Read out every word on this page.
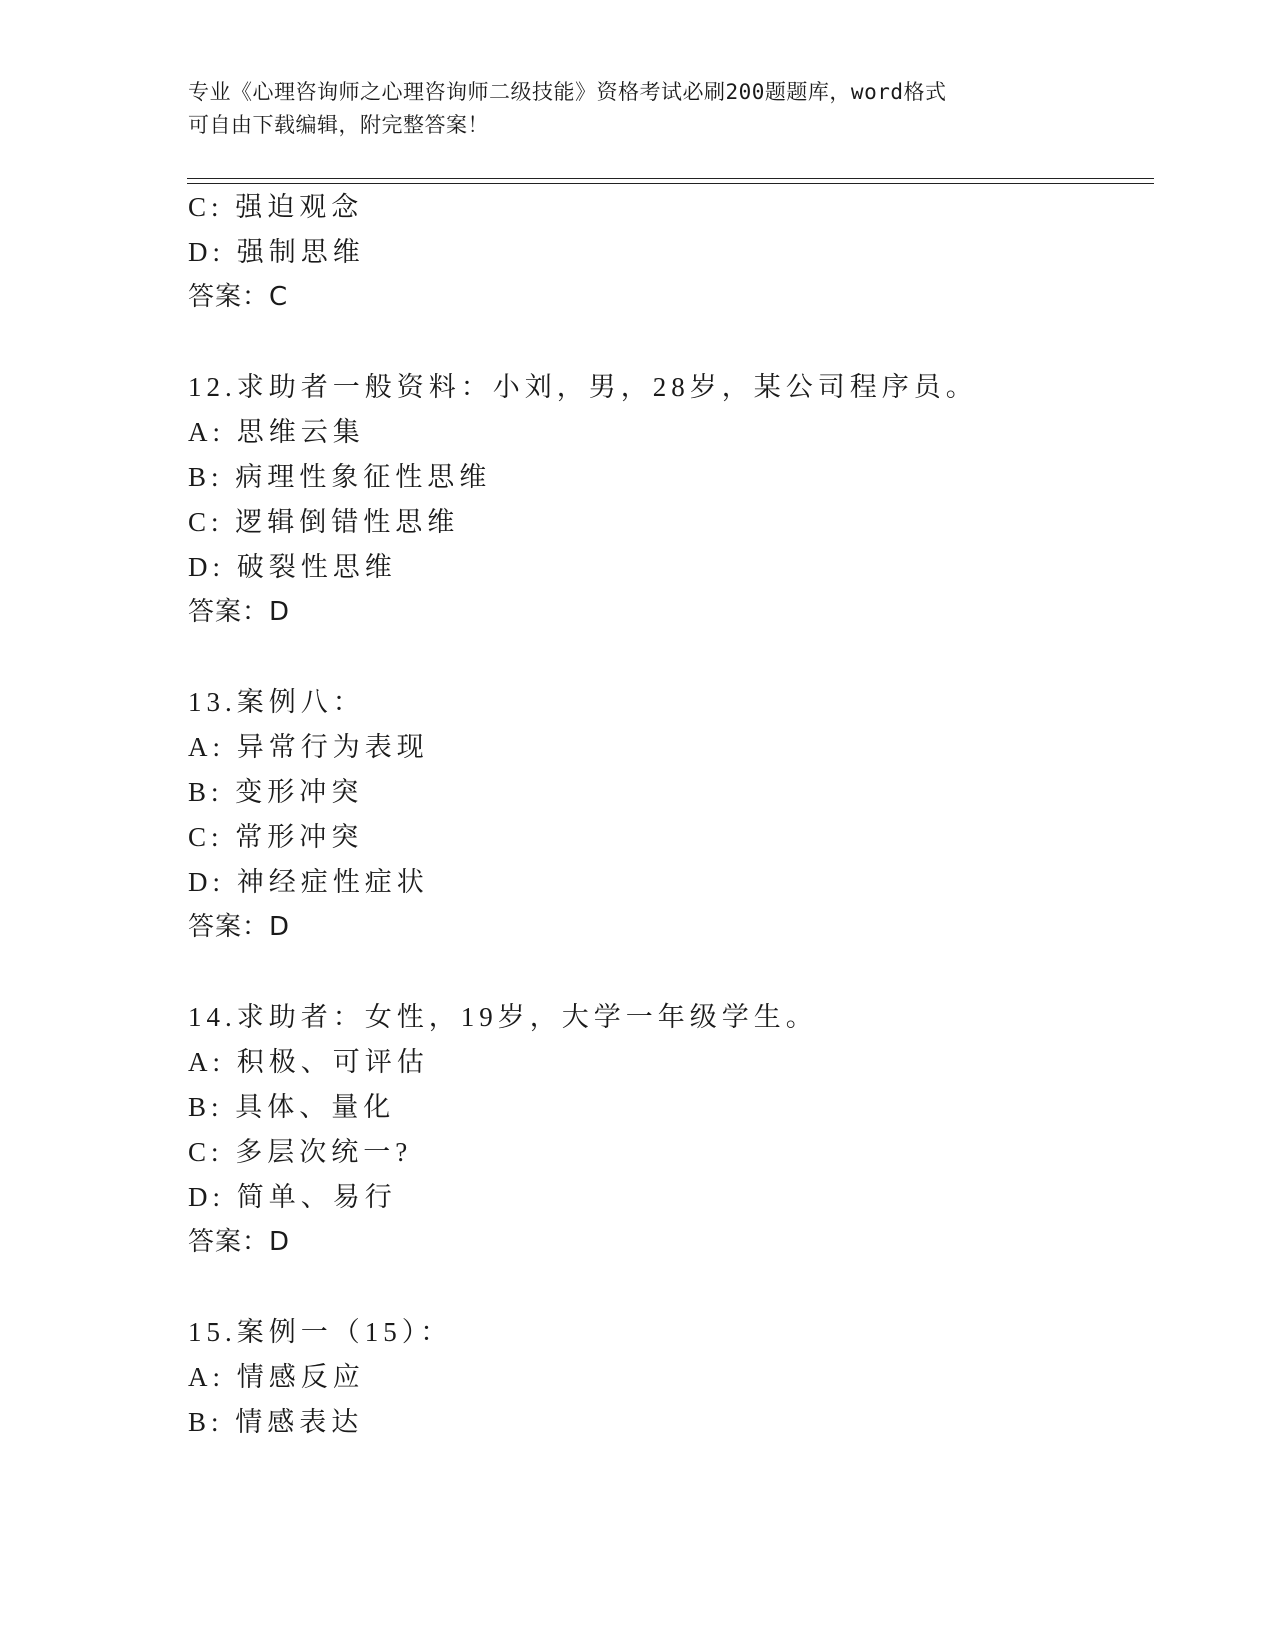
专业《心理咨询师之心理咨询师二级技能》资格考试必刷200题题库，word格式
可自由下载编辑，附完整答案！
C: 强迫观念
D: 强制思维
答案：C
12.求助者一般资料：小刘，男，28岁，某公司程序员。
A: 思维云集
B: 病理性象征性思维
C: 逻辑倒错性思维
D: 破裂性思维
答案：D
13.案例八：
A: 异常行为表现
B: 变形冲突
C: 常形冲突
D: 神经症性症状
答案：D
14.求助者：女性，19岁，大学一年级学生。
A: 积极、可评估
B: 具体、量化
C: 多层次统一?
D: 简单、易行
答案：D
15.案例一（15）：
A: 情感反应
B: 情感表达
